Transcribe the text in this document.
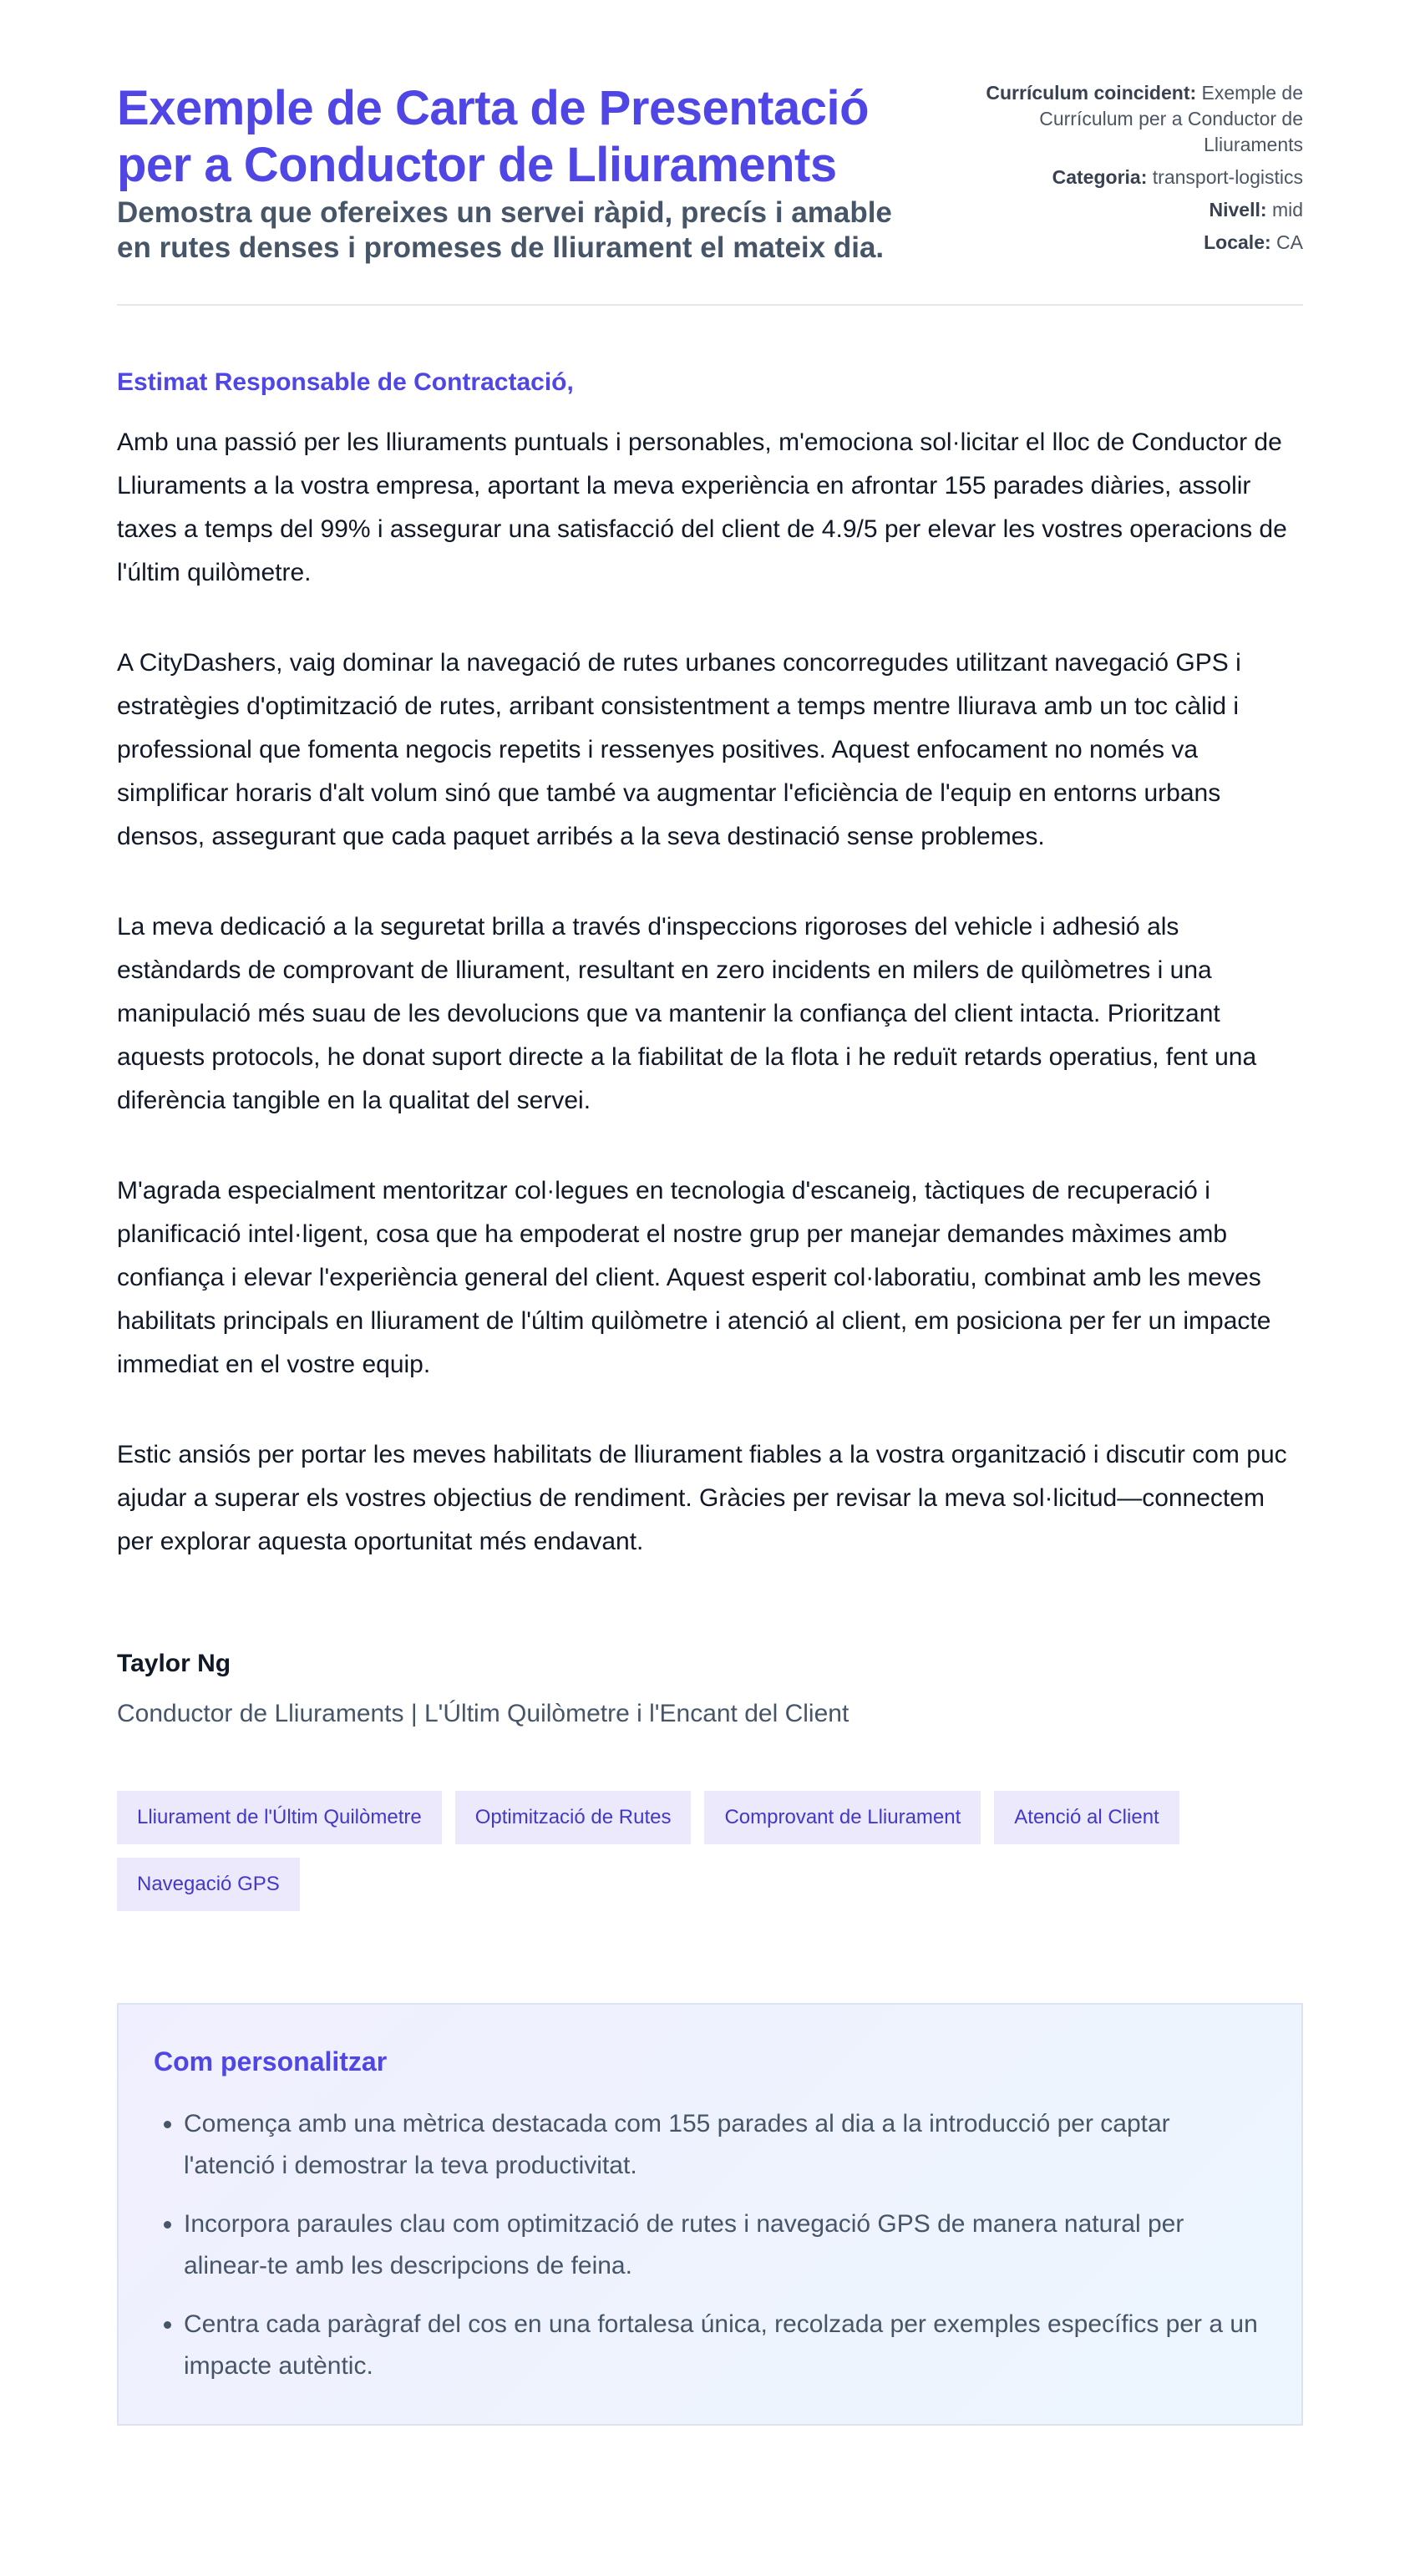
Exemple de Carta de Presentació per a Conductor de Lliuraments

Demostra que ofereixes un servei ràpid, precís i amable en rutes denses i promeses de lliurament el mateix dia.

Currículum coincident: Exemple de Currículum per a Conductor de Lliuraments
Categoria: transport-logistics
Nivell: mid
Locale: CA

Estimat Responsable de Contractació,

Amb una passió per les lliuraments puntuals i personables, m'emociona sol·licitar el lloc de Conductor de Lliuraments a la vostra empresa, aportant la meva experiència en afrontar 155 parades diàries, assolir taxes a temps del 99% i assegurar una satisfacció del client de 4.9/5 per elevar les vostres operacions de l'últim quilòmetre.

A CityDashers, vaig dominar la navegació de rutes urbanes concorregudes utilitzant navegació GPS i estratègies d'optimització de rutes, arribant consistentment a temps mentre lliurava amb un toc càlid i professional que fomenta negocis repetits i ressenyes positives. Aquest enfocament no només va simplificar horaris d'alt volum sinó que també va augmentar l'eficiència de l'equip en entorns urbans densos, assegurant que cada paquet arribés a la seva destinació sense problemes.

La meva dedicació a la seguretat brilla a través d'inspeccions rigoroses del vehicle i adhesió als estàndards de comprovant de lliurament, resultant en zero incidents en milers de quilòmetres i una manipulació més suau de les devolucions que va mantenir la confiança del client intacta. Prioritzant aquests protocols, he donat suport directe a la fiabilitat de la flota i he reduït retards operatius, fent una diferència tangible en la qualitat del servei.

M'agrada especialment mentoritzar col·legues en tecnologia d'escaneig, tàctiques de recuperació i planificació intel·ligent, cosa que ha empoderat el nostre grup per manejar demandes màximes amb confiança i elevar l'experiència general del client. Aquest esperit col·laboratiu, combinat amb les meves habilitats principals en lliurament de l'últim quilòmetre i atenció al client, em posiciona per fer un impacte immediat en el vostre equip.

Estic ansiós per portar les meves habilitats de lliurament fiables a la vostra organització i discutir com puc ajudar a superar els vostres objectius de rendiment. Gràcies per revisar la meva sol·licitud—connectem per explorar aquesta oportunitat més endavant.

Taylor Ng
Conductor de Lliuraments | L'Últim Quilòmetre i l'Encant del Client
Lliurament de l'Últim Quilòmetre	Optimització de Rutes	Comprovant de Lliurament	Atenció al Client
Navegació GPS
Com personalitzar
• Comença amb una mètrica destacada com 155 parades al dia a la introducció per captar l'atenció i demostrar la teva productivitat.
• Incorpora paraules clau com optimització de rutes i navegació GPS de manera natural per alinear-te amb les descripcions de feina.
• Centra cada paràgraf del cos en una fortalesa única, recolzada per exemples específics per a un impacte autèntic.
